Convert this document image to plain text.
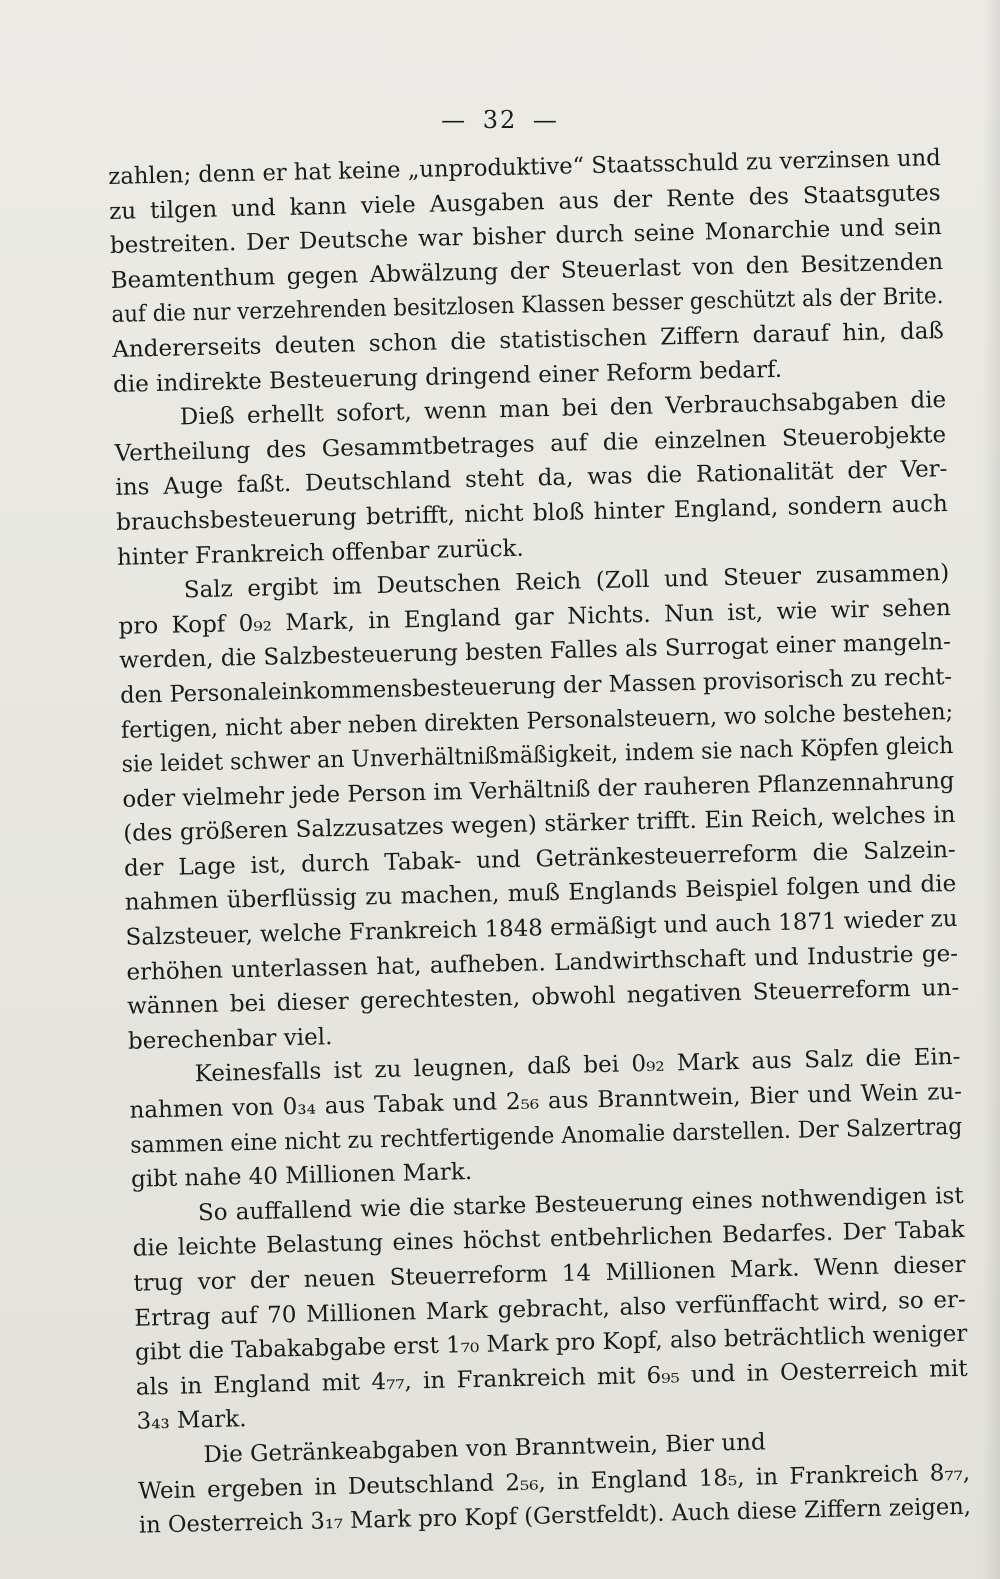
— 32 —

zahlen; denn er hat keine „unproduktive“ Staatsschuld zu verzinsen und
zu tilgen und kann viele Ausgaben aus der Rente des Staatsgutes
bestreiten. Der Deutsche war bisher durch seine Monarchie und sein
Beamtenthum gegen Abwälzung der Steuerlast von den Besitzenden
auf die nur verzehrenden besitzlosen Klassen besser geschützt als der Brite.
Andererseits deuten schon die statistischen Ziffern darauf hin, daß
die indirekte Besteuerung dringend einer Reform bedarf.

Dieß erhellt sofort, wenn man bei den Verbrauchsabgaben die
Vertheilung des Gesammtbetrages auf die einzelnen Steuerobjekte
ins Auge faßt. Deutschland steht da, was die Rationalität der Ver-
brauchsbesteuerung betrifft, nicht bloß hinter England, sondern auch
hinter Frankreich offenbar zurück.

Salz ergibt im Deutschen Reich (Zoll und Steuer zusammen)
pro Kopf 0₉₂ Mark, in England gar Nichts. Nun ist, wie wir sehen
werden, die Salzbesteuerung besten Falles als Surrogat einer mangeln-
den Personaleinkommensbesteuerung der Massen provisorisch zu recht-
fertigen, nicht aber neben direkten Personalsteuern, wo solche bestehen;
sie leidet schwer an Unverhältnißmäßigkeit, indem sie nach Köpfen gleich
oder vielmehr jede Person im Verhältniß der rauheren Pflanzennahrung
(des größeren Salzzusatzes wegen) stärker trifft. Ein Reich, welches in
der Lage ist, durch Tabak- und Getränkesteuerreform die Salzein-
nahmen überflüssig zu machen, muß Englands Beispiel folgen und die
Salzsteuer, welche Frankreich 1848 ermäßigt und auch 1871 wieder zu
erhöhen unterlassen hat, aufheben. Landwirthschaft und Industrie ge-
wännen bei dieser gerechtesten, obwohl negativen Steuerreform un-
berechenbar viel.

Keinesfalls ist zu leugnen, daß bei 0₉₂ Mark aus Salz die Ein-
nahmen von 0₃₄ aus Tabak und 2₅₆ aus Branntwein, Bier und Wein zu-
sammen eine nicht zu rechtfertigende Anomalie darstellen. Der Salzertrag
gibt nahe 40 Millionen Mark.

So auffallend wie die starke Besteuerung eines nothwendigen ist
die leichte Belastung eines höchst entbehrlichen Bedarfes. Der Tabak
trug vor der neuen Steuerreform 14 Millionen Mark. Wenn dieser
Ertrag auf 70 Millionen Mark gebracht, also verfünffacht wird, so er-
gibt die Tabakabgabe erst 1₇₀ Mark pro Kopf, also beträchtlich weniger
als in England mit 4₇₇, in Frankreich mit 6₉₅ und in Oesterreich mit
3₄₃ Mark.

Die Getränkeabgaben von Branntwein, Bier und
Wein ergeben in Deutschland 2₅₆, in England 18₅, in Frankreich 8₇₇,
in Oesterreich 3₁₇ Mark pro Kopf (Gerstfeldt). Auch diese Ziffern zeigen,
